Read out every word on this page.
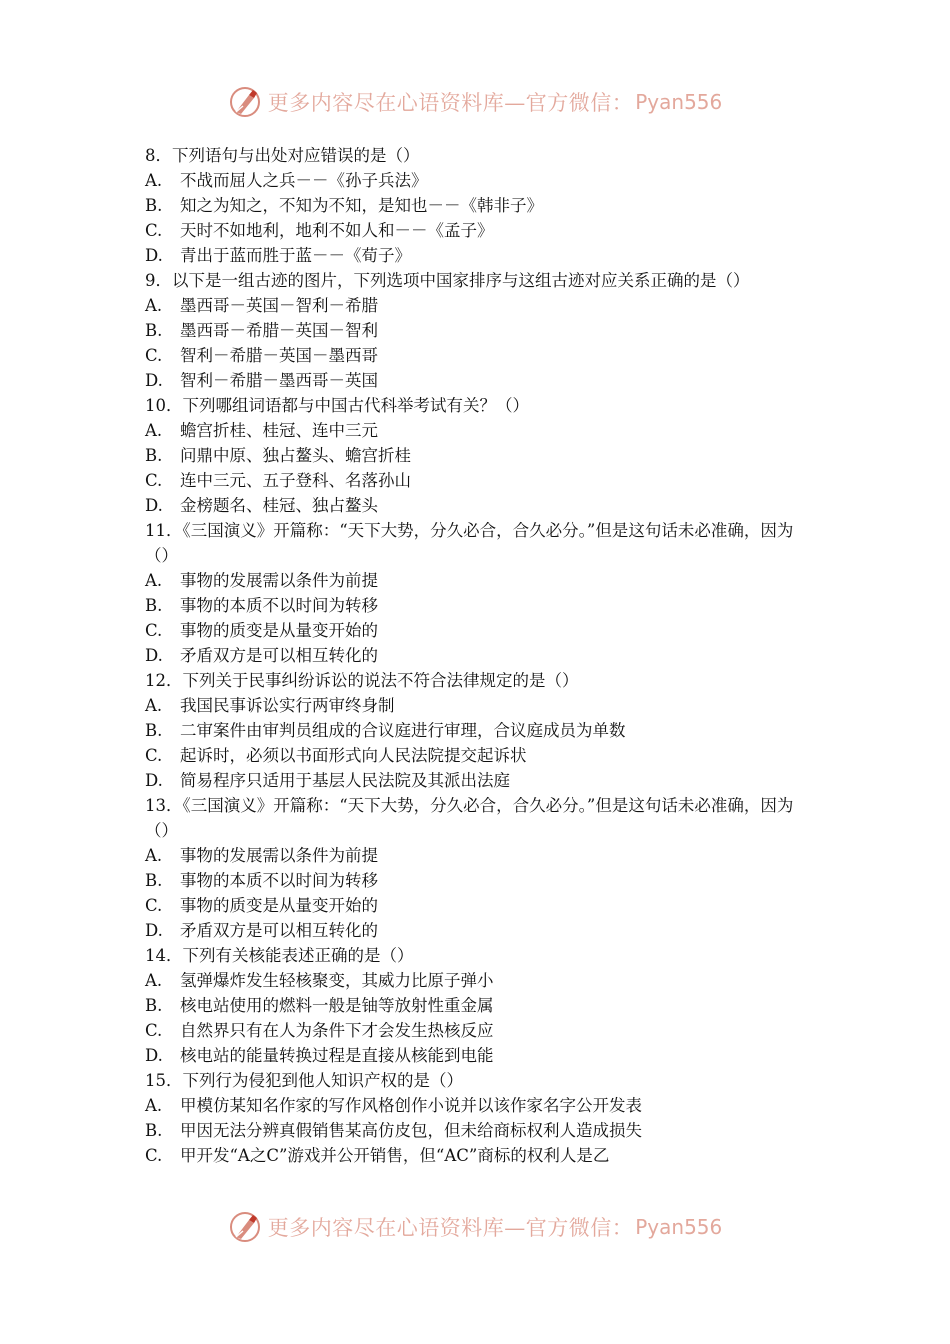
更多内容尽在心语资料库—官方微信： Pyan556
8． 下列语句与出处对应错误的是（）
A.	不战而屈人之兵－－《孙子兵法》
B.	知之为知之，不知为不知，是知也－－《韩非子》
C.	天时不如地利，地利不如人和－－《孟子》
D.	青出于蓝而胜于蓝－－《荀子》
9．以下是一组古迹的图片，下列选项中国家排序与这组古迹对应关系正确的是（）
A.	墨西哥－英国－智利－希腊
B.	墨西哥－希腊－英国－智利
C.	智利－希腊－英国－墨西哥
D.	智利－希腊－墨西哥－英国
10． 下列哪组词语都与中国古代科举考试有关？（）
A.	蟾宫折桂、桂冠、连中三元
B.	问鼎中原、独占鳌头、蟾宫折桂
C.	连中三元、五子登科、名落孙山
D.	金榜题名、桂冠、独占鳌头
11．《三国演义》开篇称：“天下大势，分久必合，合久必分。”但是这句话未必准确，因为（）
A.	事物的发展需以条件为前提
B.	事物的本质不以时间为转移
C.	事物的质变是从量变开始的
D.	矛盾双方是可以相互转化的
12． 下列关于民事纠纷诉讼的说法不符合法律规定的是（）
A.	我国民事诉讼实行两审终身制
B.	二审案件由审判员组成的合议庭进行审理，合议庭成员为单数
C.	起诉时，必须以书面形式向人民法院提交起诉状
D.	简易程序只适用于基层人民法院及其派出法庭
13．《三国演义》开篇称：“天下大势，分久必合，合久必分。”但是这句话未必准确，因为（）
A.	事物的发展需以条件为前提
B.	事物的本质不以时间为转移
C.	事物的质变是从量变开始的
D.	矛盾双方是可以相互转化的
14． 下列有关核能表述正确的是（）
A.	氢弹爆炸发生轻核聚变，其威力比原子弹小
B.	核电站使用的燃料一般是铀等放射性重金属
C.	自然界只有在人为条件下才会发生热核反应
D.	核电站的能量转换过程是直接从核能到电能
15． 下列行为侵犯到他人知识产权的是（）
A.	甲模仿某知名作家的写作风格创作小说并以该作家名字公开发表
B.	甲因无法分辨真假销售某高仿皮包，但未给商标权利人造成损失
C.	甲开发“A之C”游戏并公开销售，但“AC”商标的权利人是乙
更多内容尽在心语资料库—官方微信： Pyan556
